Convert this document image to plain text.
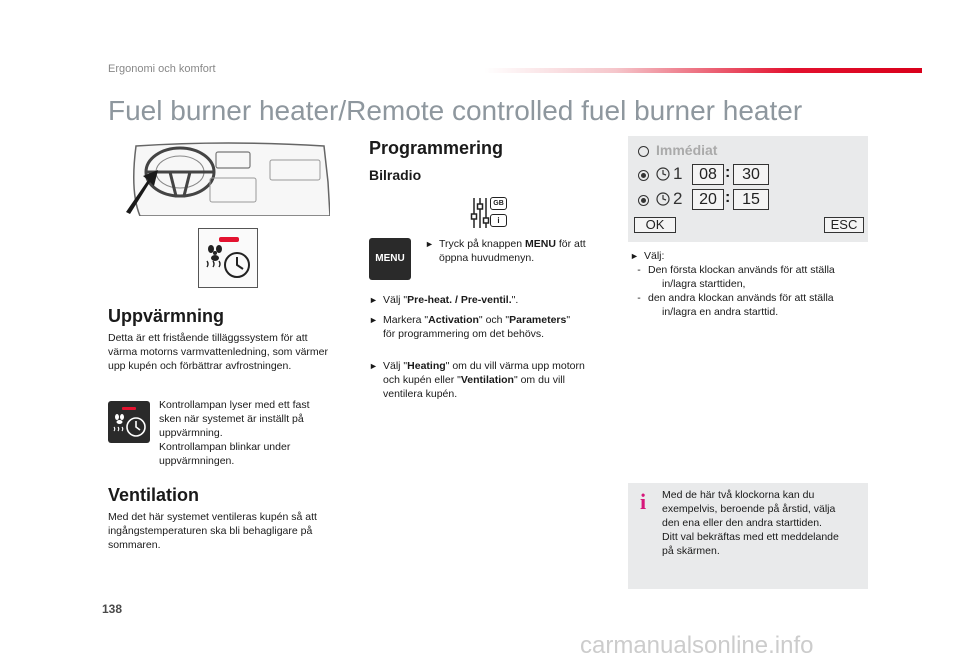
Ergonomi och komfort
Fuel burner heater/Remote controlled fuel burner heater
Uppvärmning
Detta är ett fristående tilläggssystem för att
värma motorns varmvattenledning, som värmer
upp kupén och förbättrar avfrostningen.
Kontrollampan lyser med ett fast
sken när systemet är inställt på
uppvärmning.
Kontrollampan blinkar under
uppvärmningen.
Ventilation
Med det här systemet ventileras kupén så att
ingångstemperaturen ska bli behagligare på
sommaren.
Programmering
Bilradio
GB
i
MENU
► Tryck på knappen MENU för att
öppna huvudmenyn.
► Välj "Pre-heat. / Pre-ventil.".
► Markera "Activation" och "Parameters"
för programmering om det behövs.
► Välj "Heating" om du vill värma upp motorn
och kupén eller "Ventilation" om du vill
ventilera kupén.
Immédiat
1	08 : 30
2	20 : 15
OK	ESC
► Välj:
- Den första klockan används för att ställa
in/lagra starttiden,
- den andra klockan används för att ställa
in/lagra en andra starttid.
i Med de här två klockorna kan du
exempelvis, beroende på årstid, välja
den ena eller den andra starttiden.
Ditt val bekräftas med ett meddelande
på skärmen.
138
carmanualsonline.info
